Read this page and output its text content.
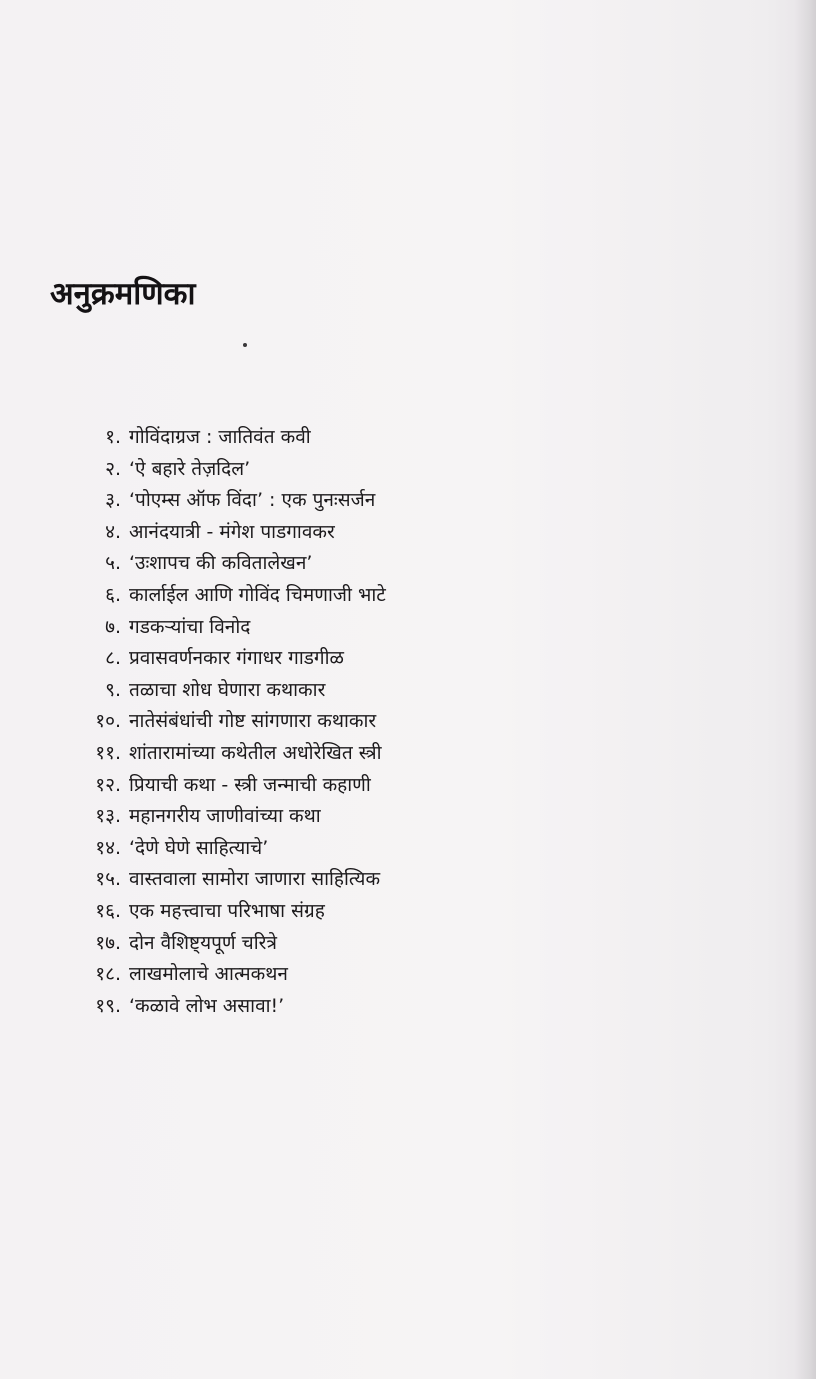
अनुक्रमणिका
१. गोविंदाग्रज : जातिवंत कवी
२. ‘ऐ बहारे तेज़दिल’
३. ‘पोएम्स ऑफ विंदा’ : एक पुनःसर्जन
४. आनंदयात्री - मंगेश पाडगावकर
५. ‘उःशापच की कवितालेखन’
६. कार्लाईल आणि गोविंद चिमणाजी भाटे
७. गडकऱ्यांचा विनोद
८. प्रवासवर्णनकार गंगाधर गाडगीळ
९. तळाचा शोध घेणारा कथाकार
१०. नातेसंबंधांची गोष्ट सांगणारा कथाकार
११. शांतारामांच्या कथेतील अधोरेखित स्त्री
१२. प्रियाची कथा - स्त्री जन्माची कहाणी
१३. महानगरीय जाणीवांच्या कथा
१४. ‘देणे घेणे साहित्याचे’
१५. वास्तवाला सामोरा जाणारा साहित्यिक
१६. एक महत्त्वाचा परिभाषा संग्रह
१७. दोन वैशिष्ट्यपूर्ण चरित्रे
१८. लाखमोलाचे आत्मकथन
१९. ‘कळावे लोभ असावा!’
